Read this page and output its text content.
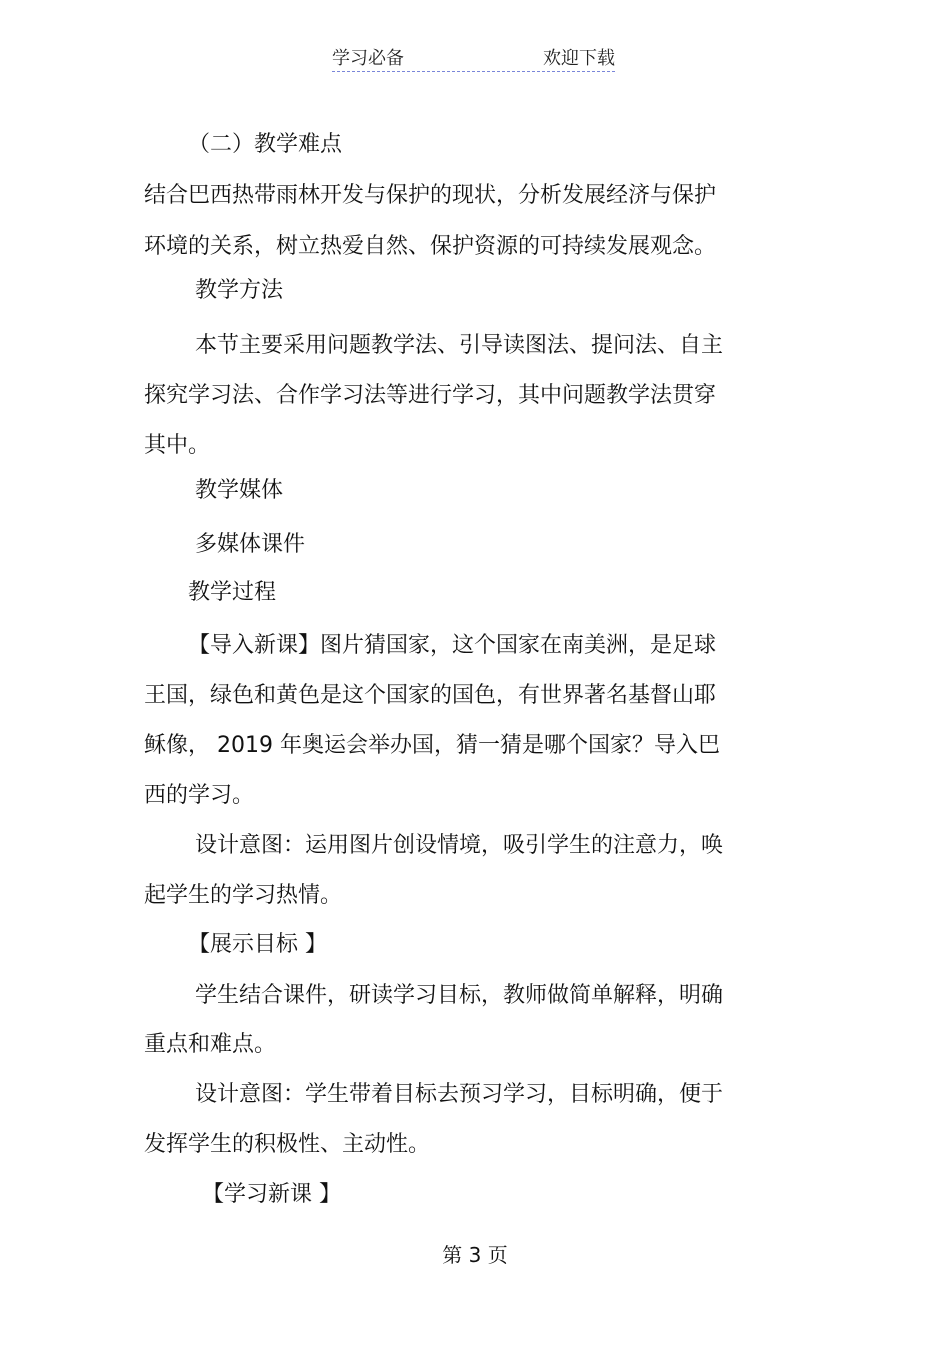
学习必备	欢迎下载
（二）教学难点
结合巴西热带雨林开发与保护的现状，分析发展经济与保护
环境的关系，树立热爱自然、保护资源的可持续发展观念。
教学方法
本节主要采用问题教学法、引导读图法、提问法、自主
探究学习法、合作学习法等进行学习，其中问题教学法贯穿
其中。
教学媒体
多媒体课件
教学过程
【导入新课】图片猜国家，这个国家在南美洲，是足球
王国，绿色和黄色是这个国家的国色，有世界著名基督山耶
稣像， 2019 年奥运会举办国，猜一猜是哪个国家？导入巴
西的学习。
设计意图：运用图片创设情境，吸引学生的注意力，唤
起学生的学习热情。
【展示目标 】
学生结合课件，研读学习目标，教师做简单解释，明确
重点和难点。
设计意图：学生带着目标去预习学习，目标明确，便于
发挥学生的积极性、主动性。
【学习新课 】
第 3 页
